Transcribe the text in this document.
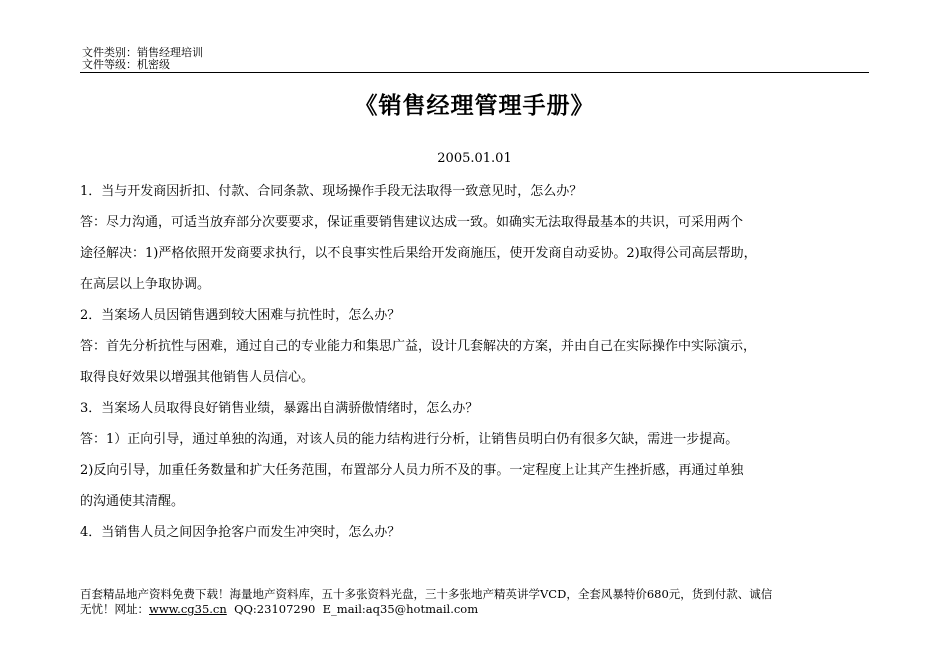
文件类别：销售经理培训
文件等级：机密级
《销售经理管理手册》
2005.01.01

1．当与开发商因折扣、付款、合同条款、现场操作手段无法取得一致意见时，怎么办？

答：尽力沟通，可适当放弃部分次要要求，保证重要销售建议达成一致。如确实无法取得最基本的共识，可采用两个

途径解决：1)严格依照开发商要求执行，以不良事实性后果给开发商施压，使开发商自动妥协。2)取得公司高层帮助，

在高层以上争取协调。

2．当案场人员因销售遇到较大困难与抗性时，怎么办？

答：首先分析抗性与困难，通过自己的专业能力和集思广益，设计几套解决的方案，并由自己在实际操作中实际演示，

取得良好效果以增强其他销售人员信心。

3．当案场人员取得良好销售业绩，暴露出自满骄傲情绪时，怎么办？

答：1）正向引导，通过单独的沟通，对该人员的能力结构进行分析，让销售员明白仍有很多欠缺，需进一步提高。

2)反向引导，加重任务数量和扩大任务范围，布置部分人员力所不及的事。一定程度上让其产生挫折感，再通过单独

的沟通使其清醒。

4．当销售人员之间因争抢客户而发生冲突时，怎么办？

百套精品地产资料免费下载！海量地产资料库，五十多张资料光盘，三十多张地产精英讲学VCD，全套风暴特价680元，货到付款、诚信
无忧！网址：www.cg35.cn  QQ:23107290  E_mail:aq35@hotmail.com
